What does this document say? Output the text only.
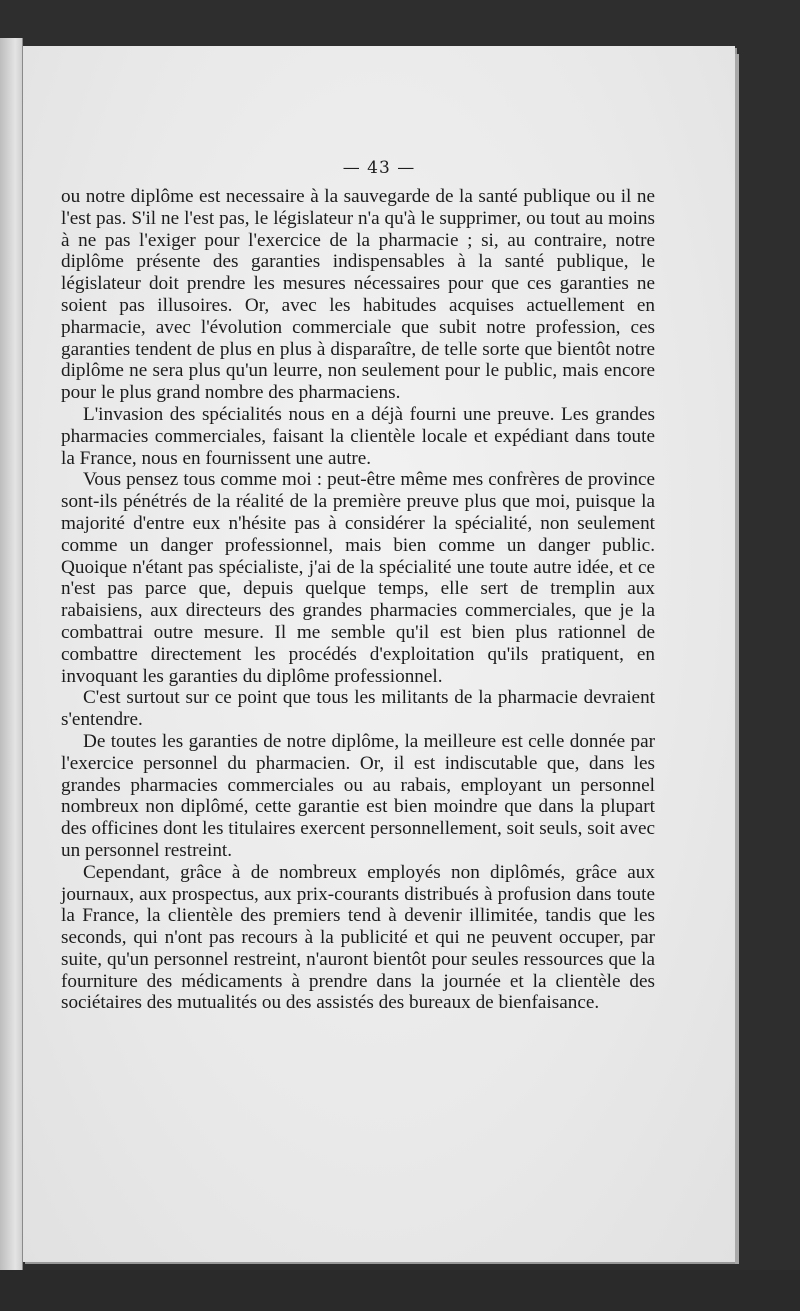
— 43 —

ou notre diplôme est necessaire à la sauvegarde de la santé publique ou il ne l'est pas. S'il ne l'est pas, le législateur n'a qu'à le supprimer, ou tout au moins à ne pas l'exiger pour l'exercice de la pharmacie ; si, au contraire, notre diplôme présente des garanties indispensables à la santé publique, le législateur doit prendre les mesures nécessaires pour que ces garanties ne soient pas illusoires. Or, avec les habitudes acquises actuellement en pharmacie, avec l'évolution commerciale que subit notre profession, ces garanties tendent de plus en plus à disparaître, de telle sorte que bientôt notre diplôme ne sera plus qu'un leurre, non seulement pour le public, mais encore pour le plus grand nombre des pharmaciens.

L'invasion des spécialités nous en a déjà fourni une preuve. Les grandes pharmacies commerciales, faisant la clientèle locale et expédiant dans toute la France, nous en fournissent une autre.

Vous pensez tous comme moi : peut-être même mes confrères de province sont-ils pénétrés de la réalité de la première preuve plus que moi, puisque la majorité d'entre eux n'hésite pas à considérer la spécialité, non seulement comme un danger professionnel, mais bien comme un danger public. Quoique n'étant pas spécialiste, j'ai de la spécialité une toute autre idée, et ce n'est pas parce que, depuis quelque temps, elle sert de tremplin aux rabaisiens, aux directeurs des grandes pharmacies commerciales, que je la combattrai outre mesure. Il me semble qu'il est bien plus rationnel de combattre directement les procédés d'exploitation qu'ils pratiquent, en invoquant les garanties du diplôme professionnel.

C'est surtout sur ce point que tous les militants de la pharmacie devraient s'entendre.

De toutes les garanties de notre diplôme, la meilleure est celle donnée par l'exercice personnel du pharmacien. Or, il est indiscutable que, dans les grandes pharmacies commerciales ou au rabais, employant un personnel nombreux non diplômé, cette garantie est bien moindre que dans la plupart des officines dont les titulaires exercent personnellement, soit seuls, soit avec un personnel restreint.

Cependant, grâce à de nombreux employés non diplômés, grâce aux journaux, aux prospectus, aux prix-courants distribués à profusion dans toute la France, la clientèle des premiers tend à devenir illimitée, tandis que les seconds, qui n'ont pas recours à la publicité et qui ne peuvent occuper, par suite, qu'un personnel restreint, n'auront bientôt pour seules ressources que la fourniture des médicaments à prendre dans la journée et la clientèle des sociétaires des mutualités ou des assistés des bureaux de bienfaisance.
